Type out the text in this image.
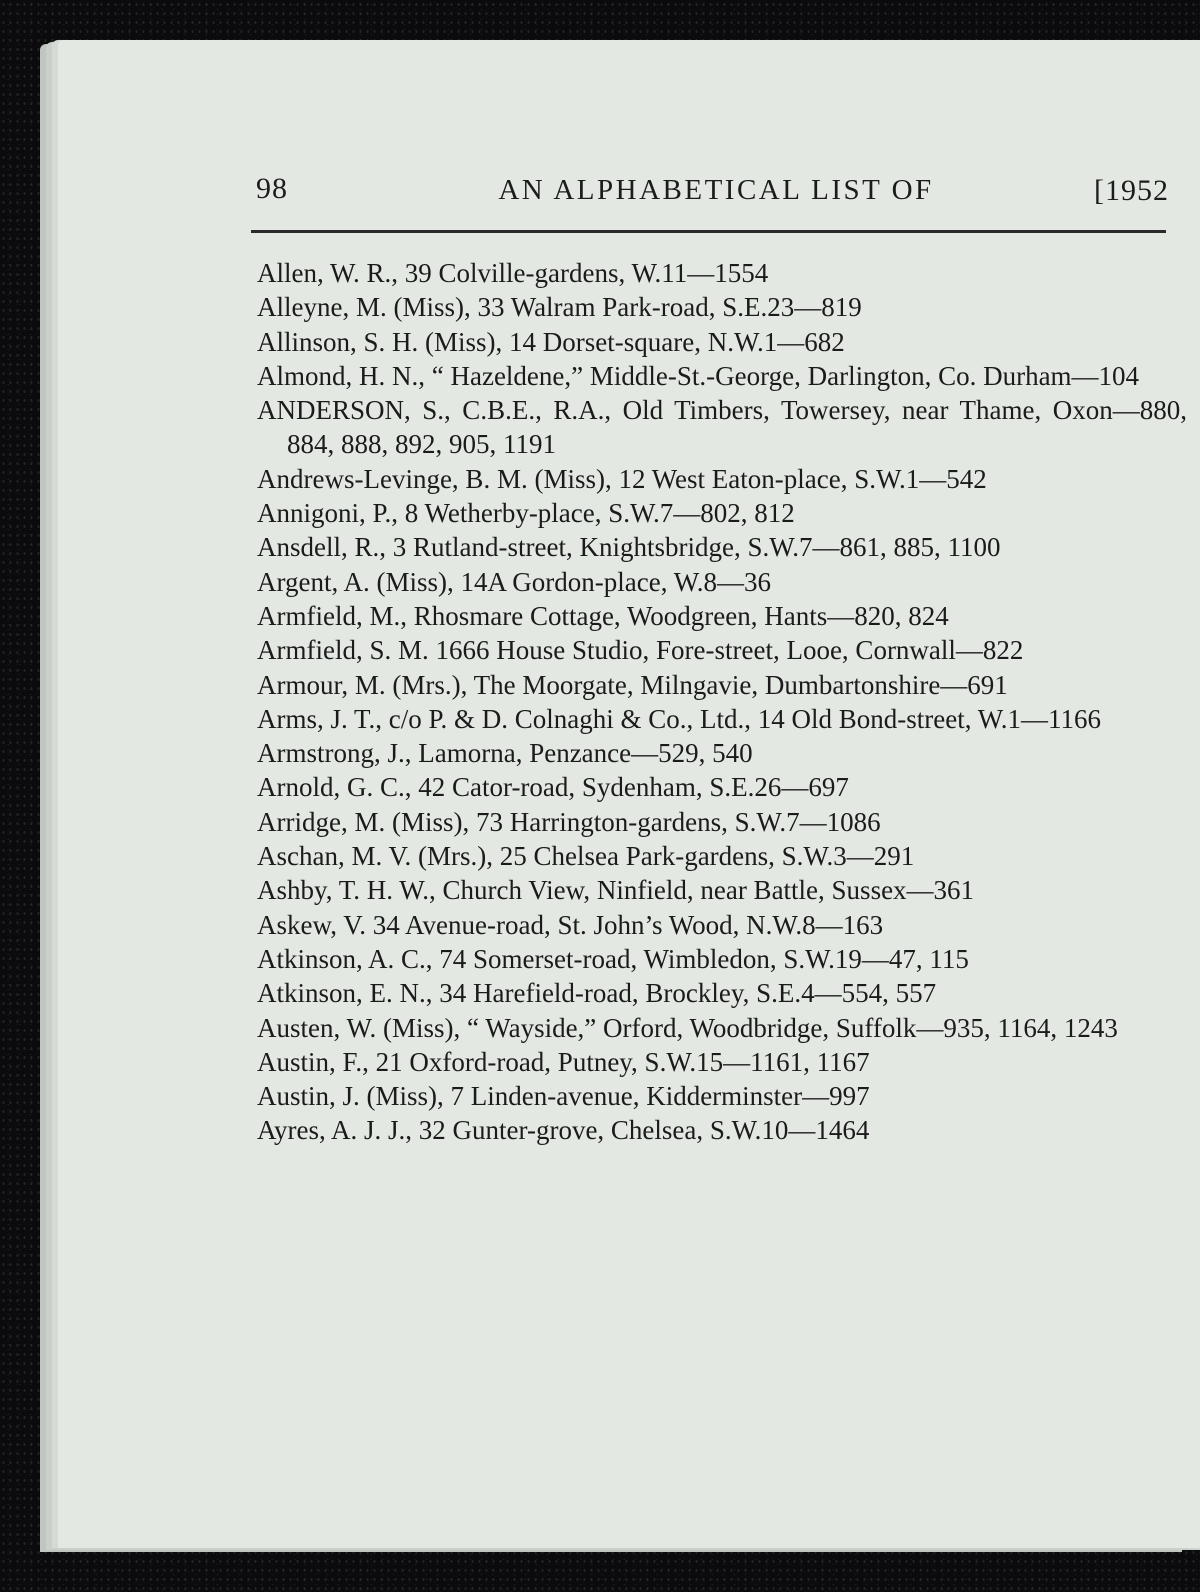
98	AN ALPHABETICAL LIST OF	[1952

Allen, W. R., 39 Colville-gardens, W.11—1554

Alleyne, M. (Miss), 33 Walram Park-road, S.E.23—819

Allinson, S. H. (Miss), 14 Dorset-square, N.W.1—682

Almond, H. N., “ Hazeldene,” Middle-St.-George, Darlington, Co. Durham—104

ANDERSON, S., C.B.E., R.A., Old Timbers, Towersey, near Thame, Oxon—880, 884, 888, 892, 905, 1191

Andrews-Levinge, B. M. (Miss), 12 West Eaton-place, S.W.1—542

Annigoni, P., 8 Wetherby-place, S.W.7—802, 812

Ansdell, R., 3 Rutland-street, Knightsbridge, S.W.7—861, 885, 1100

Argent, A. (Miss), 14A Gordon-place, W.8—36

Armfield, M., Rhosmare Cottage, Woodgreen, Hants—820, 824

Armfield, S. M. 1666 House Studio, Fore-street, Looe, Cornwall—822

Armour, M. (Mrs.), The Moorgate, Milngavie, Dumbartonshire—691

Arms, J. T., c/o P. & D. Colnaghi & Co., Ltd., 14 Old Bond-street, W.1—1166

Armstrong, J., Lamorna, Penzance—529, 540

Arnold, G. C., 42 Cator-road, Sydenham, S.E.26—697

Arridge, M. (Miss), 73 Harrington-gardens, S.W.7—1086

Aschan, M. V. (Mrs.), 25 Chelsea Park-gardens, S.W.3—291

Ashby, T. H. W., Church View, Ninfield, near Battle, Sussex—361

Askew, V. 34 Avenue-road, St. John’s Wood, N.W.8—163

Atkinson, A. C., 74 Somerset-road, Wimbledon, S.W.19—47, 115

Atkinson, E. N., 34 Harefield-road, Brockley, S.E.4—554, 557

Austen, W. (Miss), “ Wayside,” Orford, Woodbridge, Suffolk—935, 1164, 1243

Austin, F., 21 Oxford-road, Putney, S.W.15—1161, 1167

Austin, J. (Miss), 7 Linden-avenue, Kidderminster—997

Ayres, A. J. J., 32 Gunter-grove, Chelsea, S.W.10—1464
